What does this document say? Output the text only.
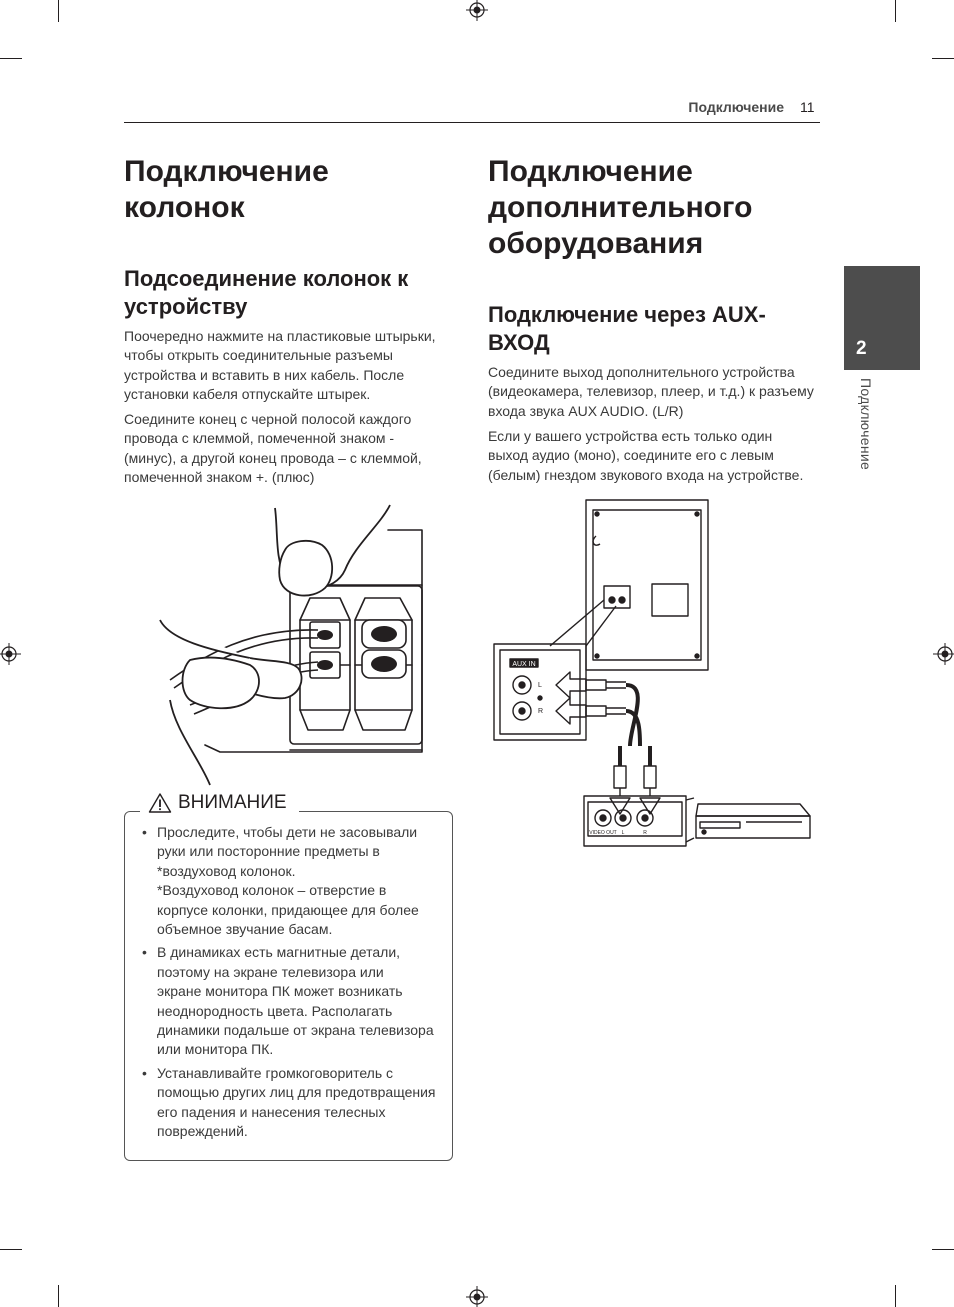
Подключение 11
2
Подключение
Подключение
колонок
Подсоединение колонок к
устройству

Поочередно нажмите на пластиковые штырьки,

чтобы открыть соединительные разъемы

устройства и вставить в них кабель. После

установки кабеля отпускайте штырек.

Соедините конец с черной полосой каждого

провода с клеммой, помеченной знаком -

(минус), а другой конец провода – с клеммой,

помеченной знаком +. (плюс)

ВНИМАНИЕ
• Проследите, чтобы дети не засовывали
руки или посторонние предметы в
*воздуховод колонок.
*Воздуховод колонок – отверстие в
корпусе колонки, придающее для более
объемное звучание басам.
• В динамиках есть магнитные детали,
поэтому на экране телевизора или
экране монитора ПК может возникать
неоднородность цвета. Располагать
динамики подальше от экрана телевизора
или монитора ПК.
• Устанавливайте громкоговоритель с
помощью других лиц для предотвращения
его падения и нанесения телесных
повреждений.
Подключение
дополнительного
оборудования
Подключение через AUX-
ВХОД

Соедините выход дополнительного устройства

(видеокамера, телевизор, плеер, и т.д.) к разъему

входа звука AUX AUDIO. (L/R)

Если у вашего устройства есть только один

выход аудио (моно), соедините его с левым

(белым) гнездом звукового входа на устройстве.

AUX IN
L
R
VIDEO OUT L	R
